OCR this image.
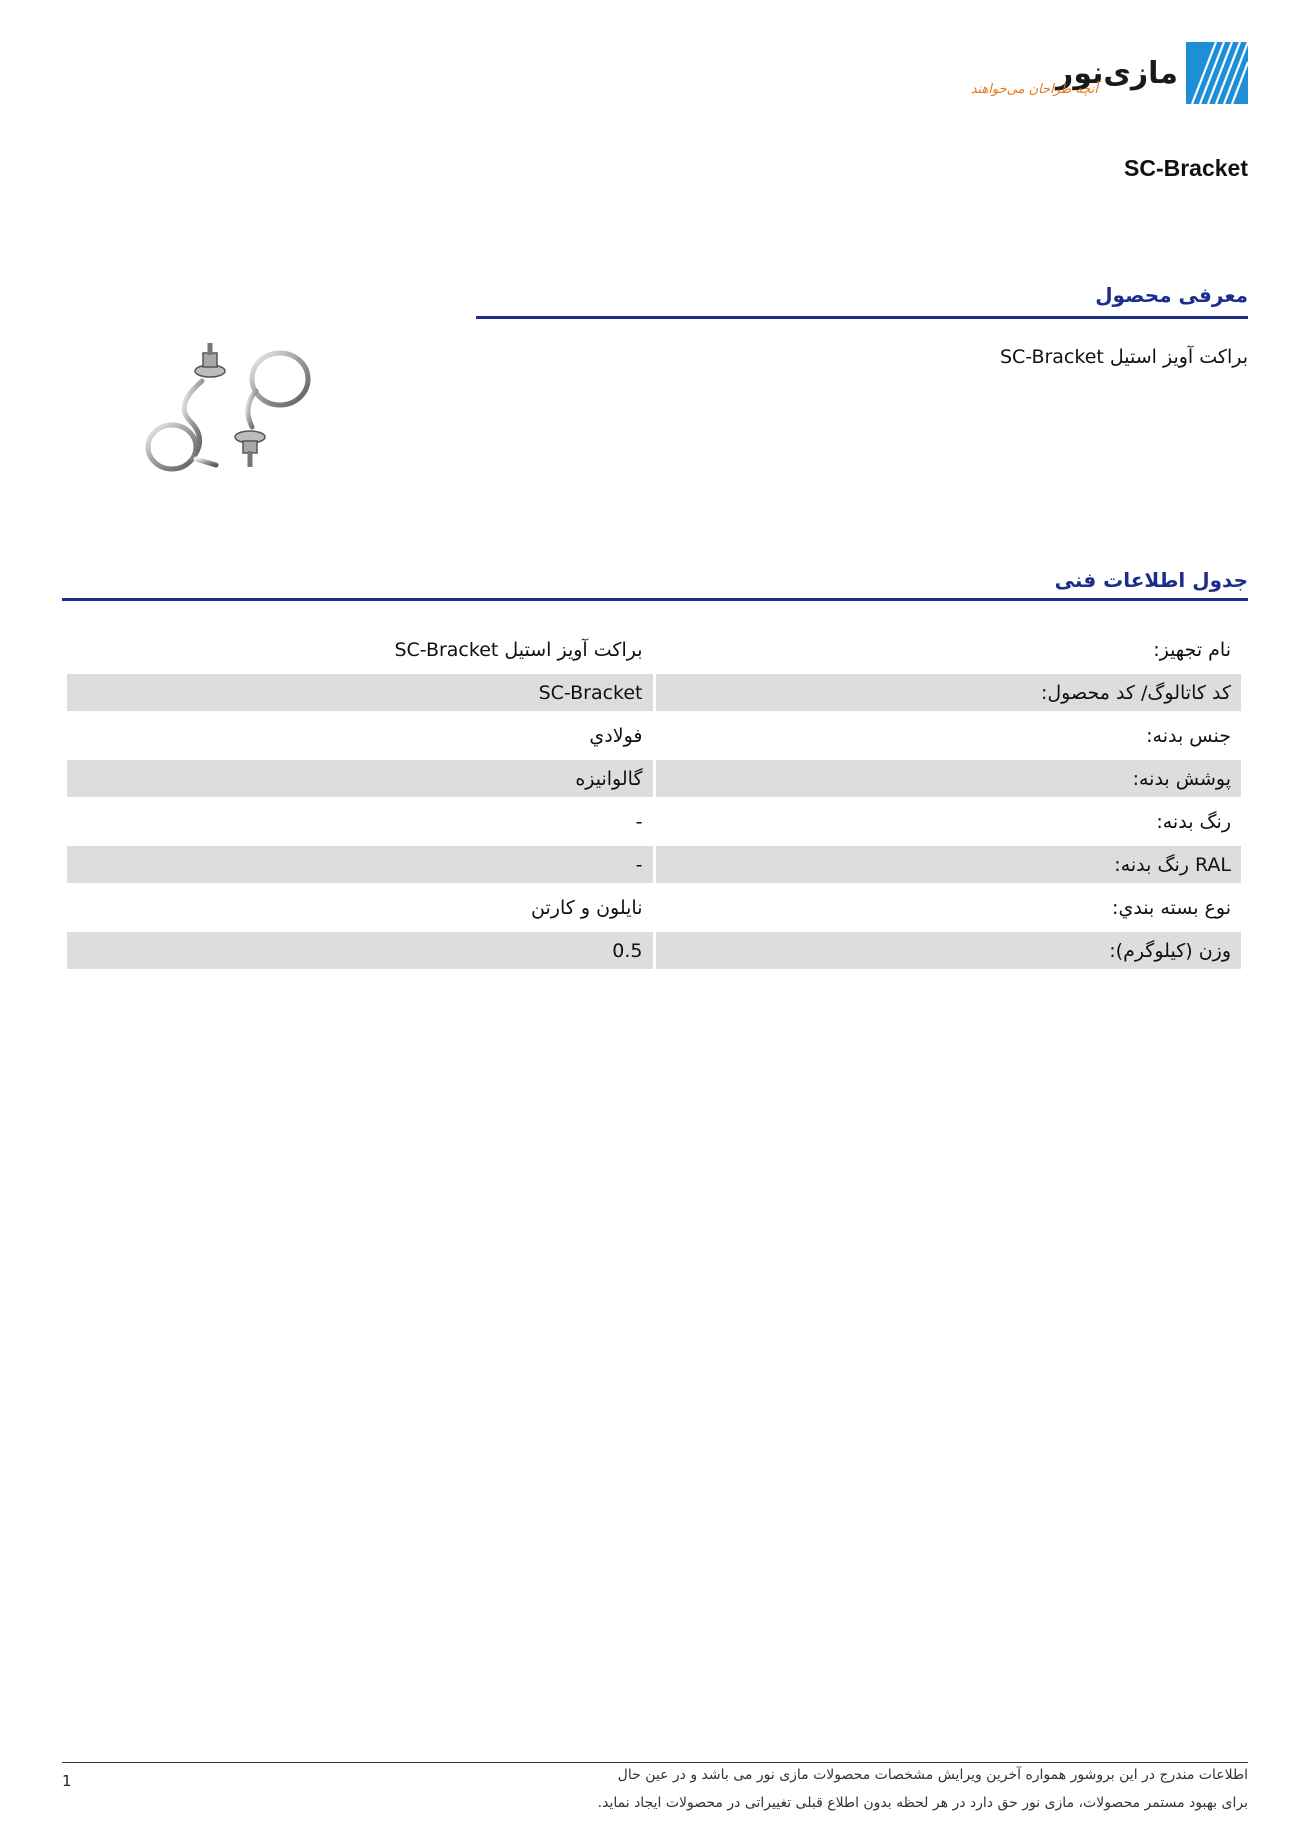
مازی‌نور
آنچه طراحان می‌خواهند
SC-Bracket
معرفی محصول
براکت آویز استیل SC-Bracket
جدول اطلاعات فنی
نام تجهیز:	براکت آویز استیل SC-Bracket
کد کاتالوگ/ کد محصول:	SC-Bracket
جنس بدنه:	فولادي
پوشش بدنه:	گالوانیزه
رنگ بدنه:	-
RAL رنگ بدنه:	-
نوع بسته بندي:	نايلون و كارتن
وزن (کیلوگرم):	0.5
1	اطلاعات مندرج در این بروشور همواره آخرین ویرایش مشخصات محصولات مازی نور می باشد و در عین حال
برای بهبود مستمر محصولات، مازی نور حق دارد در هر لحظه بدون اطلاع قبلی تغییراتی در محصولات ایجاد نماید.
